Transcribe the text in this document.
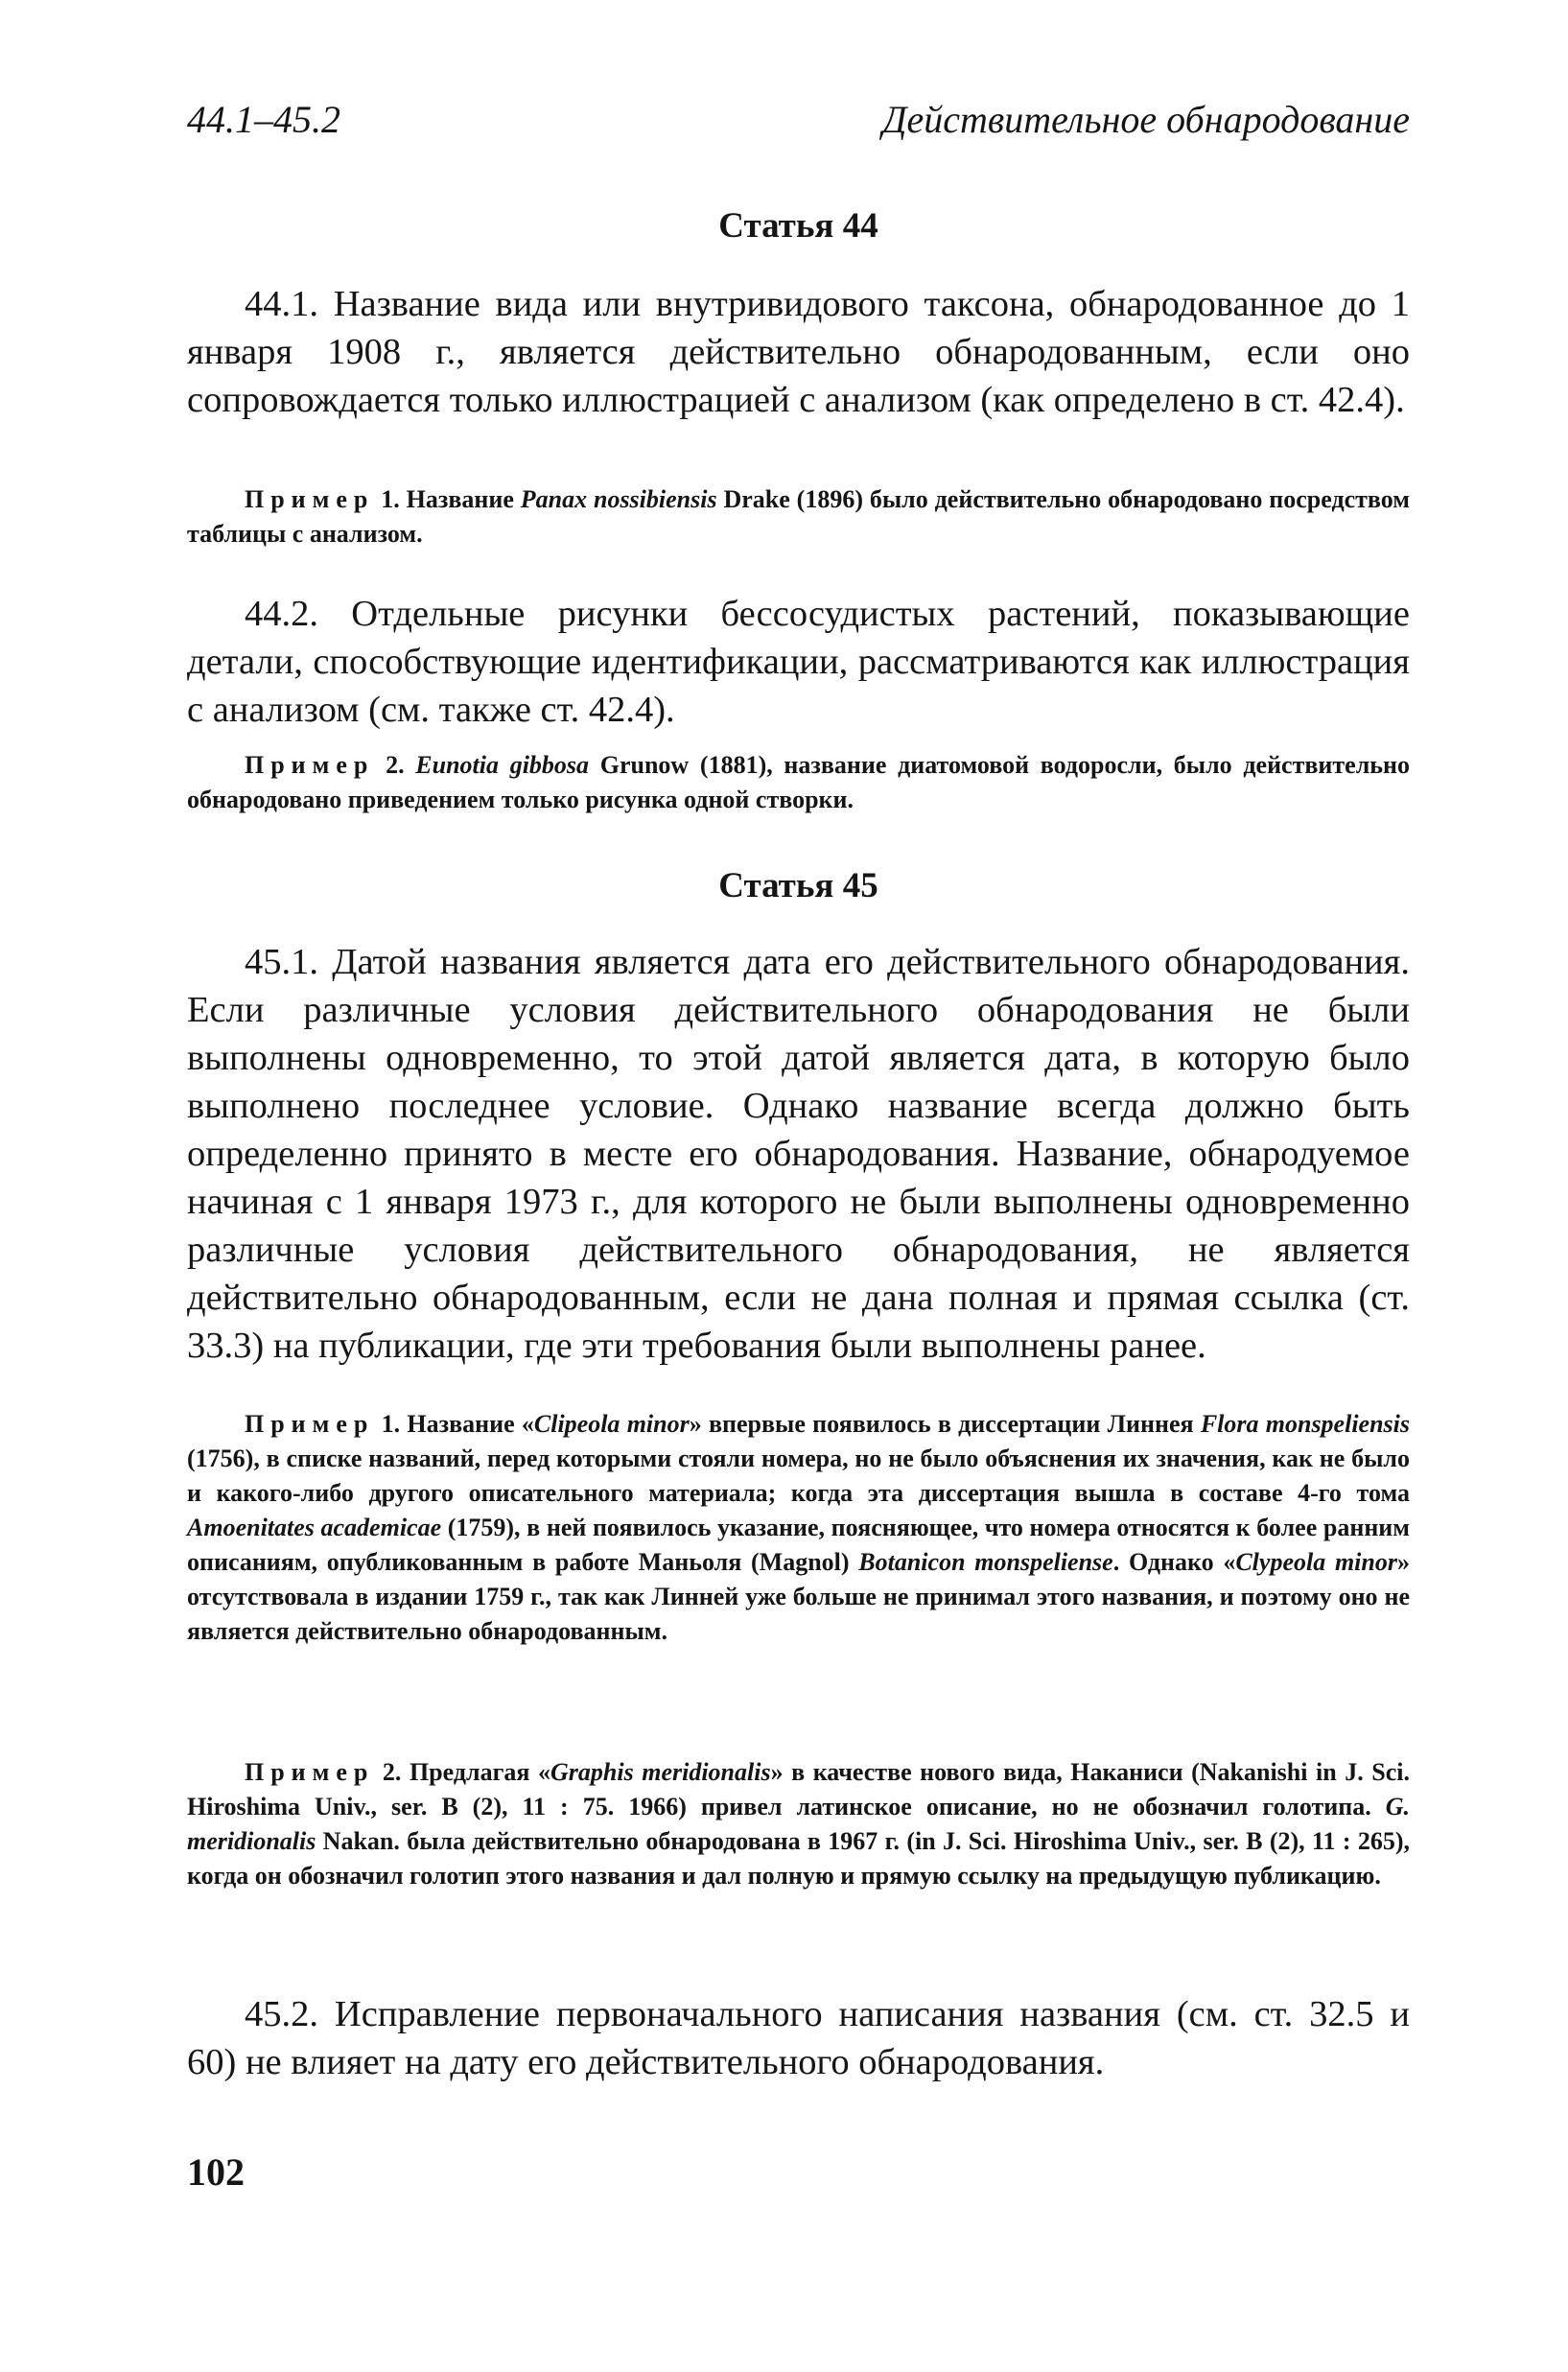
44.1–45.2	Действительное обнародование
Статья 44
44.1. Название вида или внутривидового таксона, обнародованное до 1 января 1908 г., является действительно обнародованным, если оно сопровождается только иллюстрацией с анализом (как определено в ст. 42.4).
Пример 1. Название Panax nossibiensis Drake (1896) было действительно обнародовано посредством таблицы с анализом.
44.2. Отдельные рисунки бессосудистых растений, показывающие детали, способствующие идентификации, рассматриваются как иллюстрация с анализом (см. также ст. 42.4).
Пример 2. Eunotia gibbosa Grunow (1881), название диатомовой водоросли, было действительно обнародовано приведением только рисунка одной створки.
Статья 45
45.1. Датой названия является дата его действительного обнародования. Если различные условия действительного обнародования не были выполнены одновременно, то этой датой является дата, в которую было выполнено последнее условие. Однако название всегда должно быть определенно принято в месте его обнародования. Название, обнародуемое начиная с 1 января 1973 г., для которого не были выполнены одновременно различные условия действительного обнародования, не является действительно обнародованным, если не дана полная и прямая ссылка (ст. 33.3) на публикации, где эти требования были выполнены ранее.
Пример 1. Название «Clipeola minor» впервые появилось в диссертации Линнея Flora monspeliensis (1756), в списке названий, перед которыми стояли номера, но не было объяснения их значения, как не было и какого-либо другого описательного материала; когда эта диссертация вышла в составе 4-го тома Amoenitates academicae (1759), в ней появилось указание, поясняющее, что номера относятся к более ранним описаниям, опубликованным в работе Маньоля (Magnol) Botanicon monspeliense. Однако «Clypeola minor» отсутствовала в издании 1759 г., так как Линней уже больше не принимал этого названия, и поэтому оно не является действительно обнародованным.
Пример 2. Предлагая «Graphis meridionalis» в качестве нового вида, Наканиси (Nakanishi in J. Sci. Hiroshima Univ., ser. B (2), 11 : 75. 1966) привел латинское описание, но не обозначил голотипа. G. meridionalis Nakan. была действительно обнародована в 1967 г. (in J. Sci. Hiroshima Univ., ser. B (2), 11 : 265), когда он обозначил голотип этого названия и дал полную и прямую ссылку на предыдущую публикацию.
45.2. Исправление первоначального написания названия (см. ст. 32.5 и 60) не влияет на дату его действительного обнародования.
102
